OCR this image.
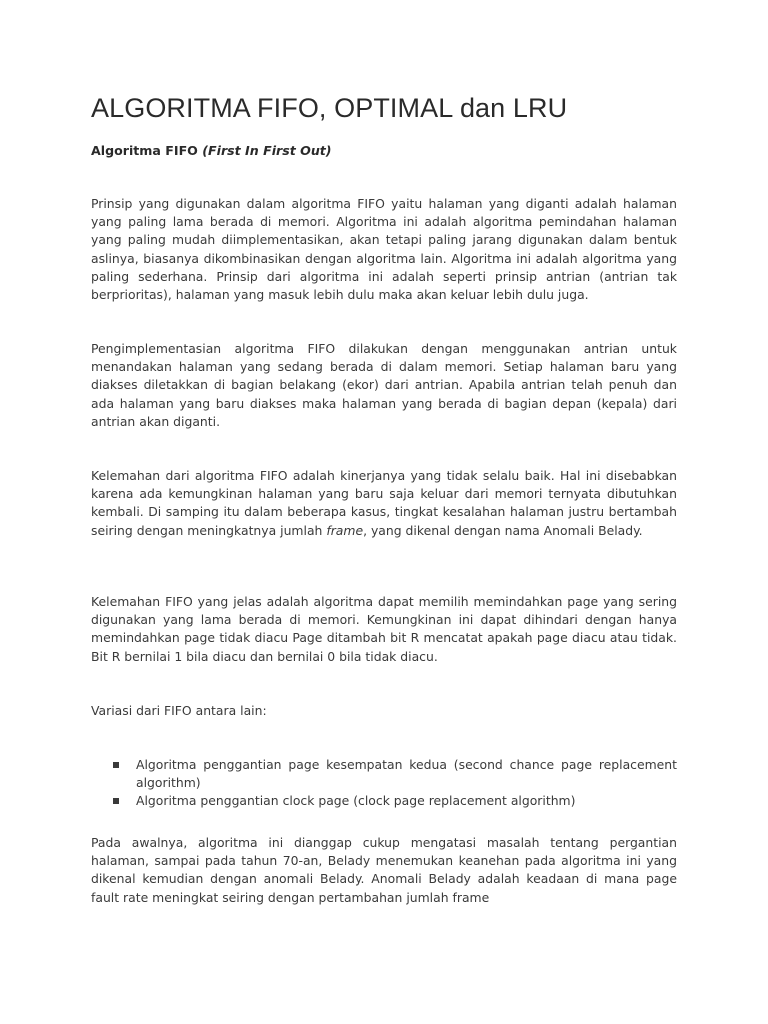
ALGORITMA FIFO, OPTIMAL dan LRU
Algoritma FIFO (First In First Out)

Prinsip yang digunakan dalam algoritma FIFO yaitu halaman yang diganti adalah halaman yang paling lama berada di memori. Algoritma ini adalah algoritma pemindahan halaman yang paling mudah diimplementasikan, akan tetapi paling jarang digunakan dalam bentuk aslinya, biasanya dikombinasikan dengan algoritma lain. Algoritma ini adalah algoritma yang paling sederhana. Prinsip dari algoritma ini adalah seperti prinsip antrian (antrian tak berprioritas), halaman yang masuk lebih dulu maka akan keluar lebih dulu juga.

Pengimplementasian algoritma FIFO dilakukan dengan menggunakan antrian untuk menandakan halaman yang sedang berada di dalam memori. Setiap halaman baru yang diakses diletakkan di bagian belakang (ekor) dari antrian. Apabila antrian telah penuh dan ada halaman yang baru diakses maka halaman yang berada di bagian depan (kepala) dari antrian akan diganti.

Kelemahan dari algoritma FIFO adalah kinerjanya yang tidak selalu baik. Hal ini disebabkan karena ada kemungkinan halaman yang baru saja keluar dari memori ternyata dibutuhkan kembali. Di samping itu dalam beberapa kasus, tingkat kesalahan halaman justru bertambah seiring dengan meningkatnya jumlah frame, yang dikenal dengan nama Anomali Belady.

Kelemahan FIFO yang jelas adalah algoritma dapat memilih memindahkan page yang sering digunakan yang lama berada di memori. Kemungkinan ini dapat dihindari dengan hanya memindahkan page tidak diacu Page ditambah bit R mencatat apakah page diacu atau tidak. Bit R bernilai 1 bila diacu dan bernilai 0 bila tidak diacu.

Variasi dari FIFO antara lain:

Algoritma penggantian page kesempatan kedua (second chance page replacement algorithm)
Algoritma penggantian clock page (clock page replacement algorithm)

Pada awalnya, algoritma ini dianggap cukup mengatasi masalah tentang pergantian halaman, sampai pada tahun 70-an, Belady menemukan keanehan pada algoritma ini yang dikenal kemudian dengan anomali Belady. Anomali Belady adalah keadaan di mana page fault rate meningkat seiring dengan pertambahan jumlah frame
